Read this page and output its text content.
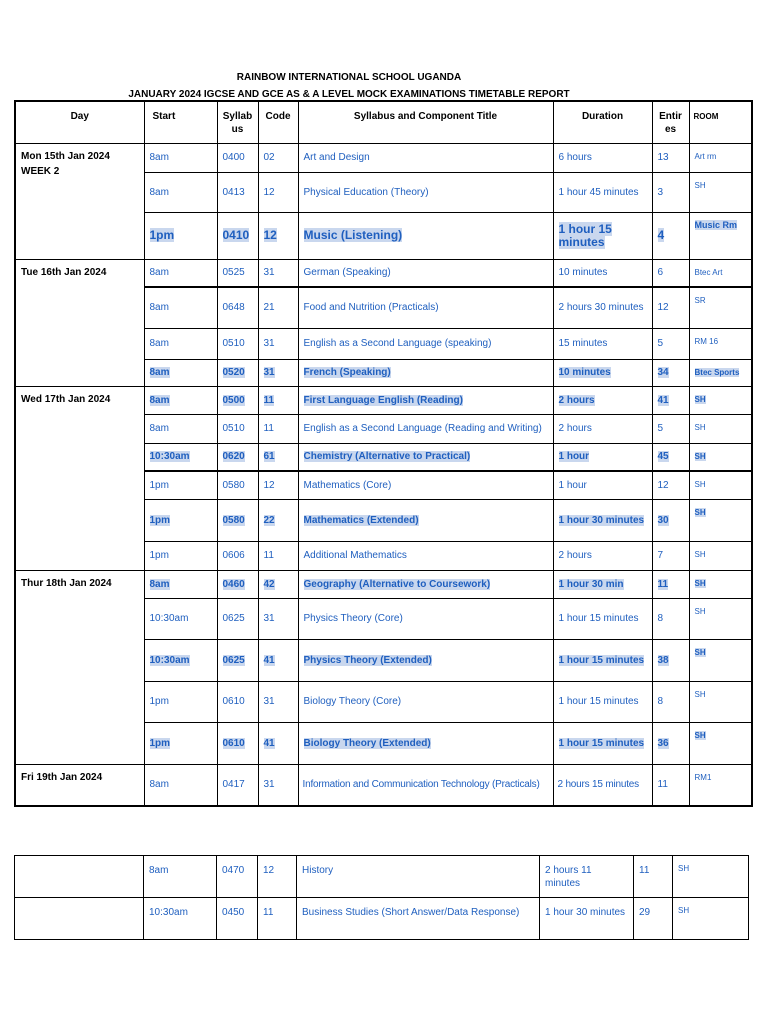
RAINBOW INTERNATIONAL SCHOOL UGANDA
JANUARY 2024 IGCSE AND GCE AS & A LEVEL MOCK EXAMINATIONS TIMETABLE REPORT
Day	Start	Syllab us	Code	Syllabus and Component Title	Duration	Entir es	ROOM

Mon 15th Jan 2024
WEEK 2	8am	0400	02	Art and Design	6 hours	13	Art rm
	8am	0413	12	Physical Education (Theory)	1 hour 45 minutes	3	SH
	1pm	0410	12	Music (Listening)	1 hour 15 minutes	4	Music Rm
Tue 16th Jan 2024	8am	0525	31	German (Speaking)	10 minutes	6	Btec Art
	8am	0648	21	Food and Nutrition (Practicals)	2 hours 30 minutes	12	SR
	8am	0510	31	English as a Second Language (speaking)	15 minutes	5	RM 16
	8am	0520	31	French (Speaking)	10 minutes	34	Btec Sports
Wed 17th Jan 2024	8am	0500	11	First Language English (Reading)	2 hours	41	SH
	8am	0510	11	English as a Second Language (Reading and Writing)	2 hours	5	SH
	10:30am	0620	61	Chemistry (Alternative to Practical)	1 hour	45	SH
	1pm	0580	12	Mathematics (Core)	1 hour	12	SH
	1pm	0580	22	Mathematics (Extended)	1 hour 30 minutes	30	SH
	1pm	0606	11	Additional Mathematics	2 hours	7	SH
Thur 18th Jan 2024	8am	0460	42	Geography (Alternative to Coursework)	1 hour 30 min	11	SH
	10:30am	0625	31	Physics Theory (Core)	1 hour 15 minutes	8	SH
	10:30am	0625	41	Physics Theory (Extended)	1 hour 15 minutes	38	SH
	1pm	0610	31	Biology Theory (Core)	1 hour 15 minutes	8	SH
	1pm	0610	41	Biology Theory (Extended)	1 hour 15 minutes	36	SH
Fri 19th Jan 2024	8am	0417	31	Information and Communication Technology (Practicals)	2 hours 15 minutes	11	RM1
	8am	0470	12	History	2 hours 11 minutes	11	SH
	10:30am	0450	11	Business Studies (Short Answer/Data Response)	1 hour 30 minutes	29	SH
